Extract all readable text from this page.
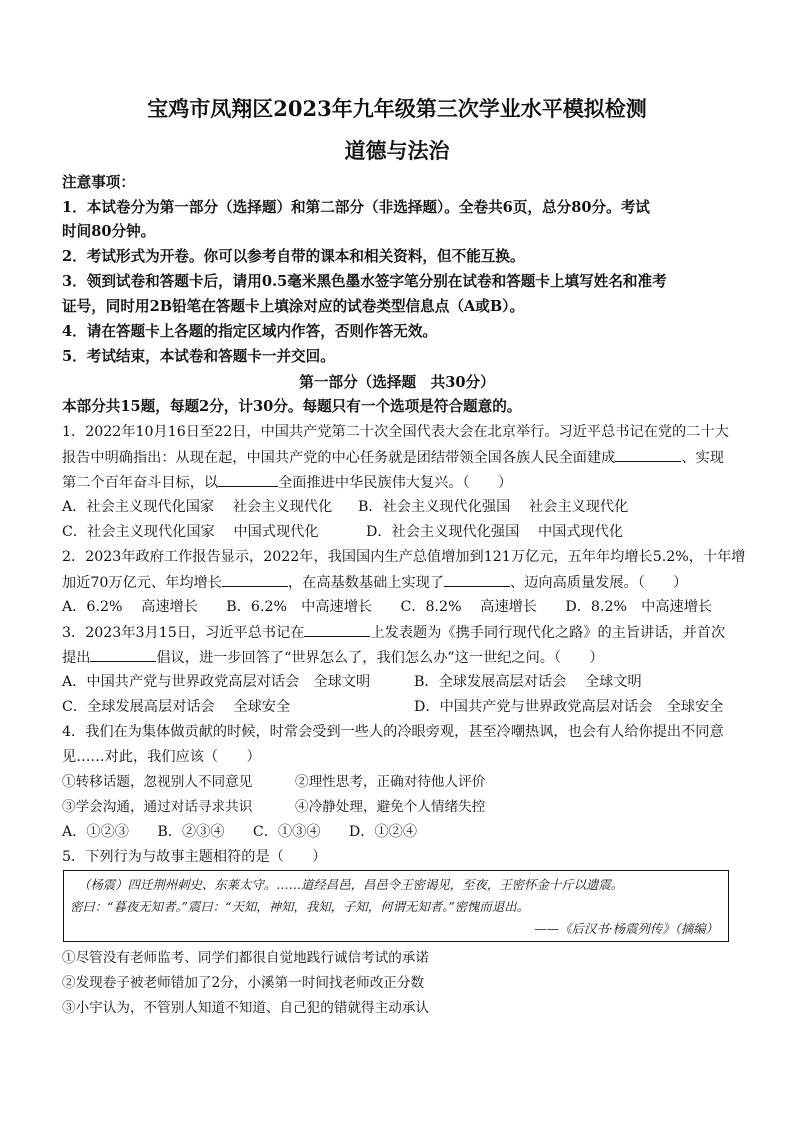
宝鸡市凤翔区2023年九年级第三次学业水平模拟检测
道德与法治
注意事项：
1．本试卷分为第一部分（选择题）和第二部分（非选择题）。全卷共6页，总分80分。考试
时间80分钟。
2．考试形式为开卷。你可以参考自带的课本和相关资料，但不能互换。
3．领到试卷和答题卡后，请用0.5毫米黑色墨水签字笔分别在试卷和答题卡上填写姓名和准考
证号，同时用2B铅笔在答题卡上填涂对应的试卷类型信息点（A或B）。
4．请在答题卡上各题的指定区域内作答，否则作答无效。
5．考试结束，本试卷和答题卡一并交回。
第一部分（选择题　共30分）
本部分共15题，每题2分，计30分。每题只有一个选项是符合题意的。
1．2022年10月16日至22日，中国共产党第二十次全国代表大会在北京举行。习近平总书记在党的二十大
报告中明确指出：从现在起，中国共产党的中心任务就是团结带领全国各族人民全面建成	、实现
第二个百年奋斗目标，以	全面推进中华民族伟大复兴。（　　）
A．社会主义现代化国家　 社会主义现代化 B．社会主义现代化强国　 社会主义现代化
C．社会主义现代化国家　 中国式现代化	D．社会主义现代化强国　 中国式现代化
2．2023年政府工作报告显示，2022年，我国国内生产总值增加到121万亿元，五年年均增长5.2%，十年增
加近70万亿元、年均增长	，在高基数基础上实现了	、迈向高质量发展。（　　）
A．6.2%　 高速增长　　B．6.2%　中高速增长　　C．8.2%　 高速增长　　D．8.2%　中高速增长
3．2023年3月15日，习近平总书记在	上发表题为《携手同行现代化之路》的主旨讲话，并首次
提出	倡议，进一步回答了“世界怎么了，我们怎么办”这一世纪之问。（　　）
A．中国共产党与世界政党高层对话会　全球文明	B．全球发展高层对话会　 全球文明
C．全球发展高层对话会　 全球安全	D．中国共产党与世界政党高层对话会　全球安全
4．我们在为集体做贡献的时候，时常会受到一些人的冷眼旁观，甚至冷嘲热讽，也会有人给你提出不同意
见……对此，我们应该（　　）
①转移话题，忽视别人不同意见	②理性思考，正确对待他人评价
③学会沟通，通过对话寻求共识	④冷静处理，避免个人情绪失控
A．①②③　　B．②③④　　C．①③④　　D．①②④
5．下列行为与故事主题相符的是（　　）
（杨震）四迁荆州刺史、东莱太守。……道经昌邑，昌邑令王密谒见，至夜，王密怀金十斤以遗震。
密曰：“暮夜无知者。”震曰：“天知，神知，我知，子知，何谓无知者。”密愧而退出。
——《后汉书·杨震列传》（摘编）
①尽管没有老师监考、同学们都很自觉地践行诚信考试的承诺
②发现卷子被老师错加了2分，小溪第一时间找老师改正分数
③小宇认为，不管别人知道不知道、自己犯的错就得主动承认
